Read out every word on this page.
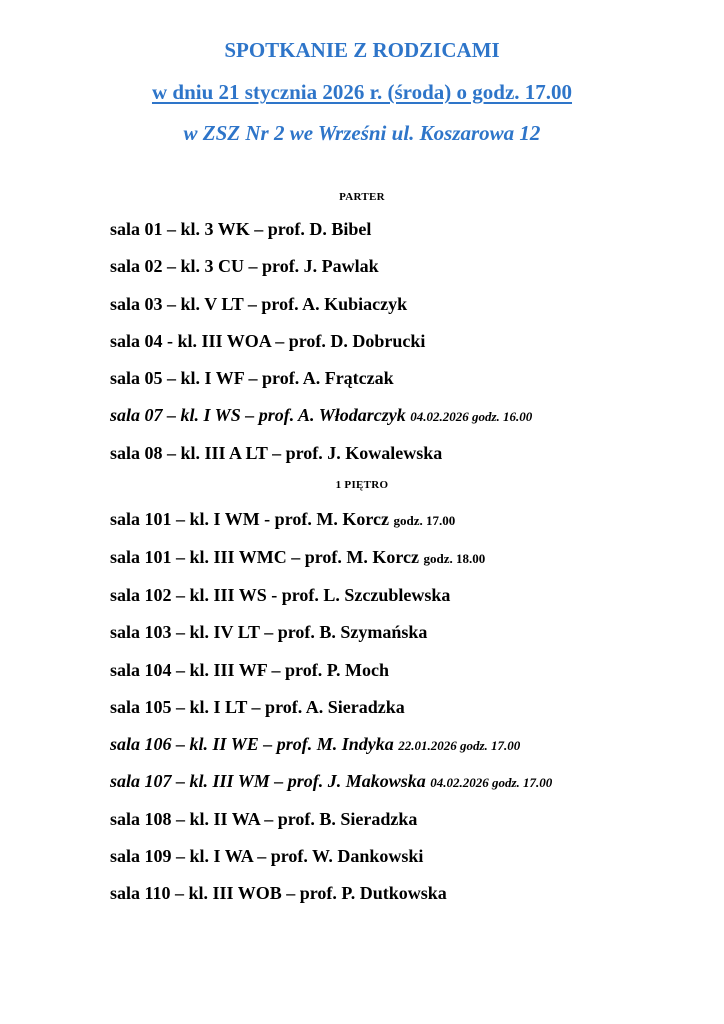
SPOTKANIE Z RODZICAMI
w dniu 21 stycznia 2026 r. (środa) o godz. 17.00
w ZSZ Nr 2 we Wrześni ul. Koszarowa 12
PARTER
sala 01 – kl. 3 WK – prof. D. Bibel
sala 02 – kl. 3 CU – prof. J. Pawlak
sala 03 – kl. V LT – prof. A. Kubiaczyk
sala 04 - kl. III WOA – prof. D. Dobrucki
sala 05 – kl. I WF – prof. A. Frątczak
sala 07 – kl. I WS – prof. A. Włodarczyk 04.02.2026 godz. 16.00
sala 08 – kl. III A LT – prof. J. Kowalewska
1 PIĘTRO
sala 101 – kl. I WM - prof. M. Korcz godz. 17.00
sala 101 – kl. III WMC – prof. M. Korcz godz. 18.00
sala 102 – kl. III WS - prof. L. Szczublewska
sala 103 – kl. IV LT – prof. B. Szymańska
sala 104 – kl. III WF – prof. P. Moch
sala 105 – kl. I LT – prof. A. Sieradzka
sala 106 – kl. II WE – prof. M. Indyka 22.01.2026 godz. 17.00
sala 107 – kl. III WM – prof. J. Makowska 04.02.2026 godz. 17.00
sala 108 – kl. II WA – prof. B. Sieradzka
sala 109 – kl. I WA – prof. W. Dankowski
sala 110 – kl. III WOB – prof. P. Dutkowska
